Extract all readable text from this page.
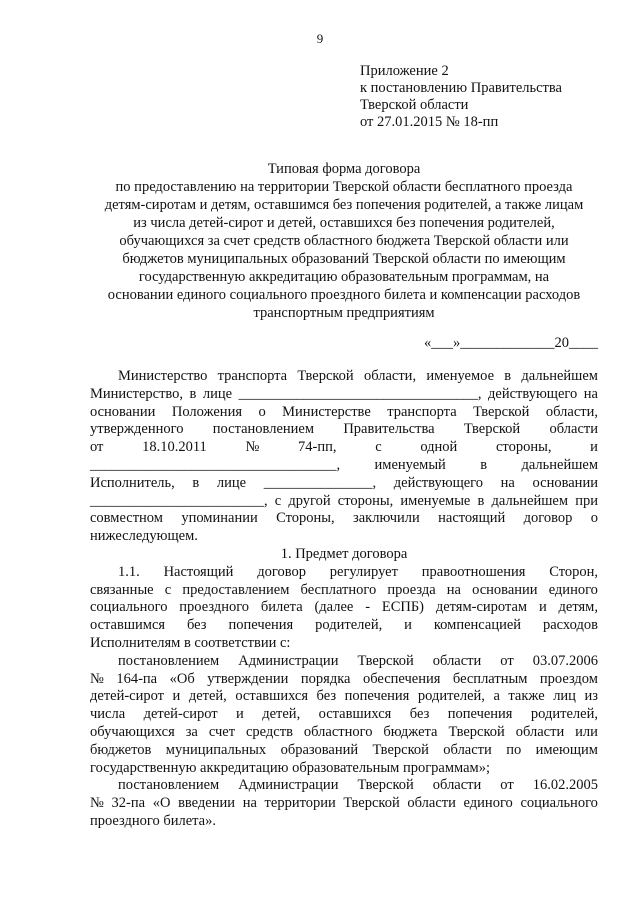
9
Приложение 2
к постановлению Правительства
Тверской области
от 27.01.2015 № 18-пп
Типовая форма договора
по предоставлению на территории Тверской области бесплатного проезда
детям-сиротам и детям, оставшимся без попечения родителей, а также лицам
из числа детей-сирот и детей, оставшихся без попечения родителей,
обучающихся за счет средств областного бюджета Тверской области или
бюджетов муниципальных образований Тверской области по имеющим
государственную аккредитацию образовательным программам, на
основании единого социального проездного билета и компенсации расходов
транспортным предприятиям
«___»_____________20____
Министерство транспорта Тверской области, именуемое в дальнейшем
Министерство, в лице _________________________________, действующего на
основании Положения о Министерстве транспорта Тверской области,
утвержденного постановлением Правительства Тверской области
от	18.10.2011	№	74-пп,	с	одной	стороны,	и
__________________________________, именуемый в дальнейшем
Исполнитель, в лице _______________, действующего на основании
________________________, с другой стороны, именуемые в дальнейшем при
совместном упоминании Стороны, заключили настоящий договор о
нижеследующем.
1. Предмет договора
1.1. Настоящий договор регулирует правоотношения Сторон,
связанные с предоставлением бесплатного проезда на основании единого
социального проездного билета (далее - ЕСПБ) детям-сиротам и детям,
оставшимся без попечения родителей, и компенсацией расходов
Исполнителям в соответствии с:
постановлением Администрации Тверской области от 03.07.2006
№ 164-па «Об утверждении порядка обеспечения бесплатным проездом
детей-сирот и детей, оставшихся без попечения родителей, а также лиц из
числа детей-сирот и детей, оставшихся без попечения родителей,
обучающихся за счет средств областного бюджета Тверской области или
бюджетов муниципальных образований Тверской области по имеющим
государственную аккредитацию образовательным программам»;
постановлением Администрации Тверской области от 16.02.2005
№ 32-па «О введении на территории Тверской области единого социального
проездного билета».
